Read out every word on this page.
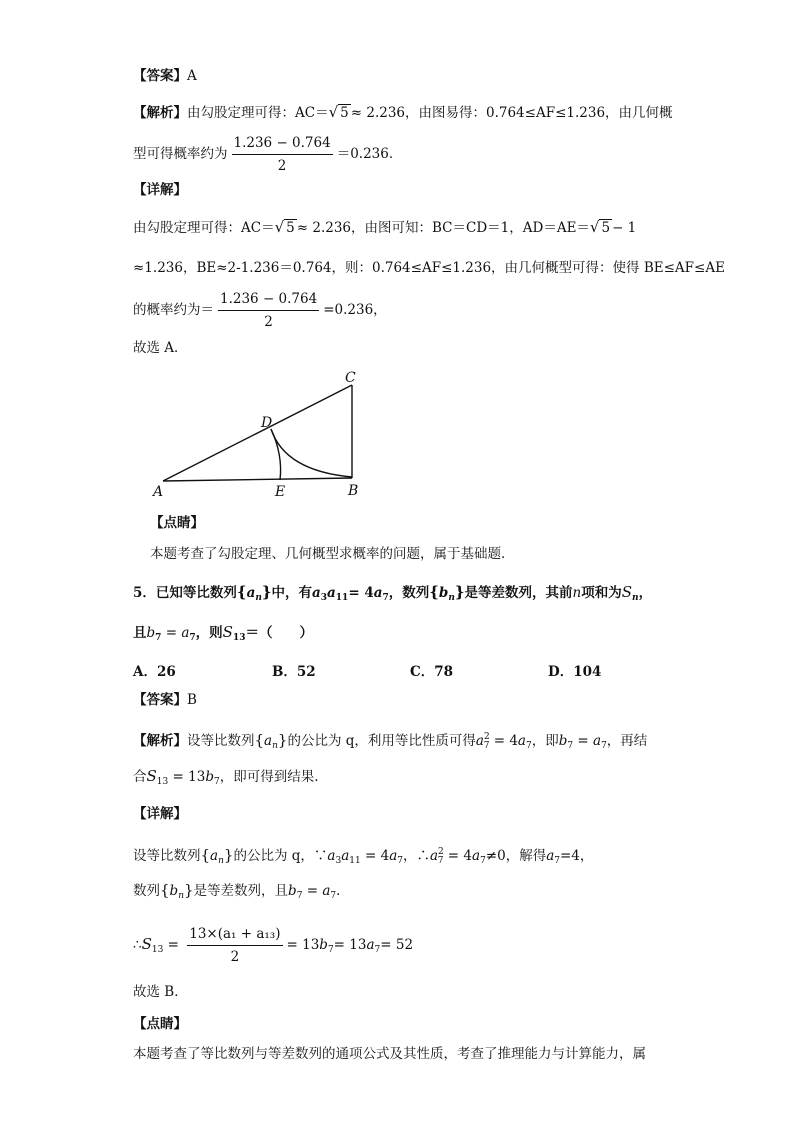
【答案】A
【解析】由勾股定理可得：AC＝√ 5 ≈ 2.236，由图易得：0.764≤AF≤1.236，由几何概
型可得概率约为 $\frac{1.236 - 0.764}{2} =0.236$．
【详解】
由勾股定理可得：AC＝√ 5 ≈ 2.236，由图可知：BC＝CD＝1，AD＝AE＝√ 5 − 1
≈1.236，BE≈2-1.236＝0.764，则：0.764≤AF≤1.236，由几何概型可得：使得 BE≤AF≤AE
的概率约为＝ $\frac{1.236 - 0.764}{2} =0.236$，
故选 A．
A	E	B
D
C
【点睛】
本题考查了勾股定理、几何概型求概率的问题，属于基础题．
5．已知等比数列$\{a_n\}$中，有$a_3a_{11}= 4a_7$，数列$\{b_n\}$是等差数列，其前n项和为$S_n$，
且$b_7 = a_7$，则$S_{13}=$（　　）
A．26	B．52	C．78	D．104
【答案】B
【解析】设等比数列$\{a_n\}$的公比为 q，利用等比性质可得$a^2_7 = 4a_7$，即$b_7 = a_7$，再结
合$S_{13} = 13b_7$，即可得到结果.
【详解】
设等比数列$\{a_n\}$的公比为 q，$\because a_3a_{11} = 4a_7$，$\therefore a^2_7 = 4a_7\ne 0$，解得$a_7=4$，
数列$\{b_n\}$是等差数列，且$b_7 = a_7$．
$\therefore S_{13} = \frac{\text{13×(a₁ + a₁₃)}}{2} = 13b_7= 13a_7= 52$
故选 B．
【点睛】
本题考查了等比数列与等差数列的通项公式及其性质，考查了推理能力与计算能力，属
